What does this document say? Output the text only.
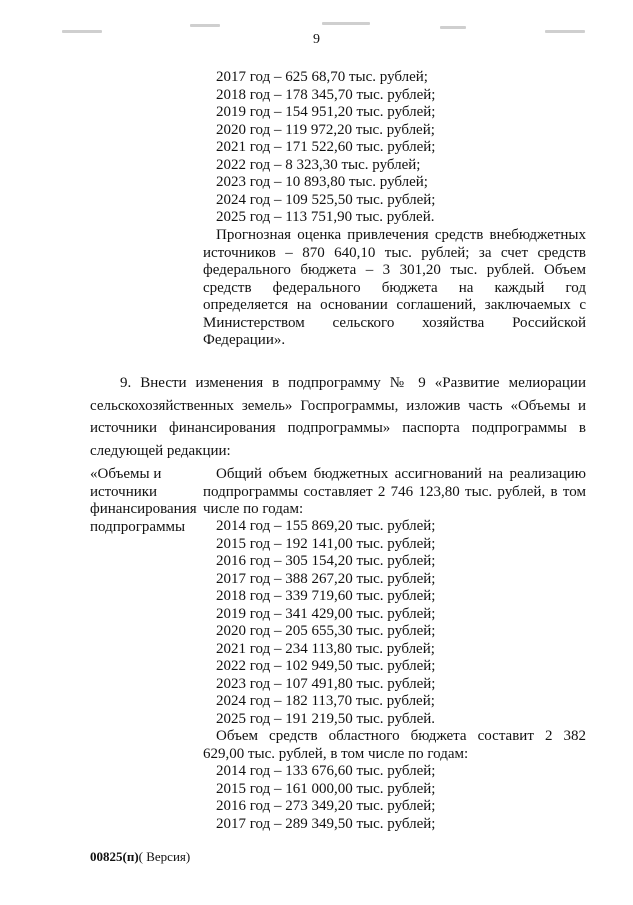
9
2017 год – 625 68,70 тыс. рублей;
2018 год – 178 345,70 тыс. рублей;
2019 год – 154 951,20 тыс. рублей;
2020 год – 119 972,20 тыс. рублей;
2021 год – 171 522,60 тыс. рублей;
2022 год – 8 323,30 тыс. рублей;
2023 год – 10 893,80 тыс. рублей;
2024 год – 109 525,50 тыс. рублей;
2025 год – 113 751,90 тыс. рублей.
Прогнозная оценка привлечения средств внебюджетных источников – 870 640,10 тыс. рублей; за счет средств федерального бюджета – 3 301,20 тыс. рублей. Объем средств федерального бюджета на каждый год определяется на основании соглашений, заключаемых с Министерством сельского хозяйства Российской Федерации».
9. Внести изменения в подпрограмму № 9 «Развитие мелиорации сельскохозяйственных земель» Госпрограммы, изложив часть «Объемы и источники финансирования подпрограммы» паспорта подпрограммы в следующей редакции:
«Объемы и
источники
финансирования
подпрограммы
Общий объем бюджетных ассигнований на реализацию подпрограммы составляет 2 746 123,80 тыс. рублей, в том числе по годам:
2014 год – 155 869,20 тыс. рублей;
2015 год – 192 141,00 тыс. рублей;
2016 год – 305 154,20 тыс. рублей;
2017 год – 388 267,20 тыс. рублей;
2018 год – 339 719,60 тыс. рублей;
2019 год – 341 429,00 тыс. рублей;
2020 год – 205 655,30 тыс. рублей;
2021 год – 234 113,80 тыс. рублей;
2022 год – 102 949,50 тыс. рублей;
2023 год – 107 491,80 тыс. рублей;
2024 год – 182 113,70 тыс. рублей;
2025 год – 191 219,50 тыс. рублей.
Объем средств областного бюджета составит 2 382 629,00 тыс. рублей, в том числе по годам:
2014 год – 133 676,60 тыс. рублей;
2015 год – 161 000,00 тыс. рублей;
2016 год – 273 349,20 тыс. рублей;
2017 год – 289 349,50 тыс. рублей;
00825(п)( Версия)
